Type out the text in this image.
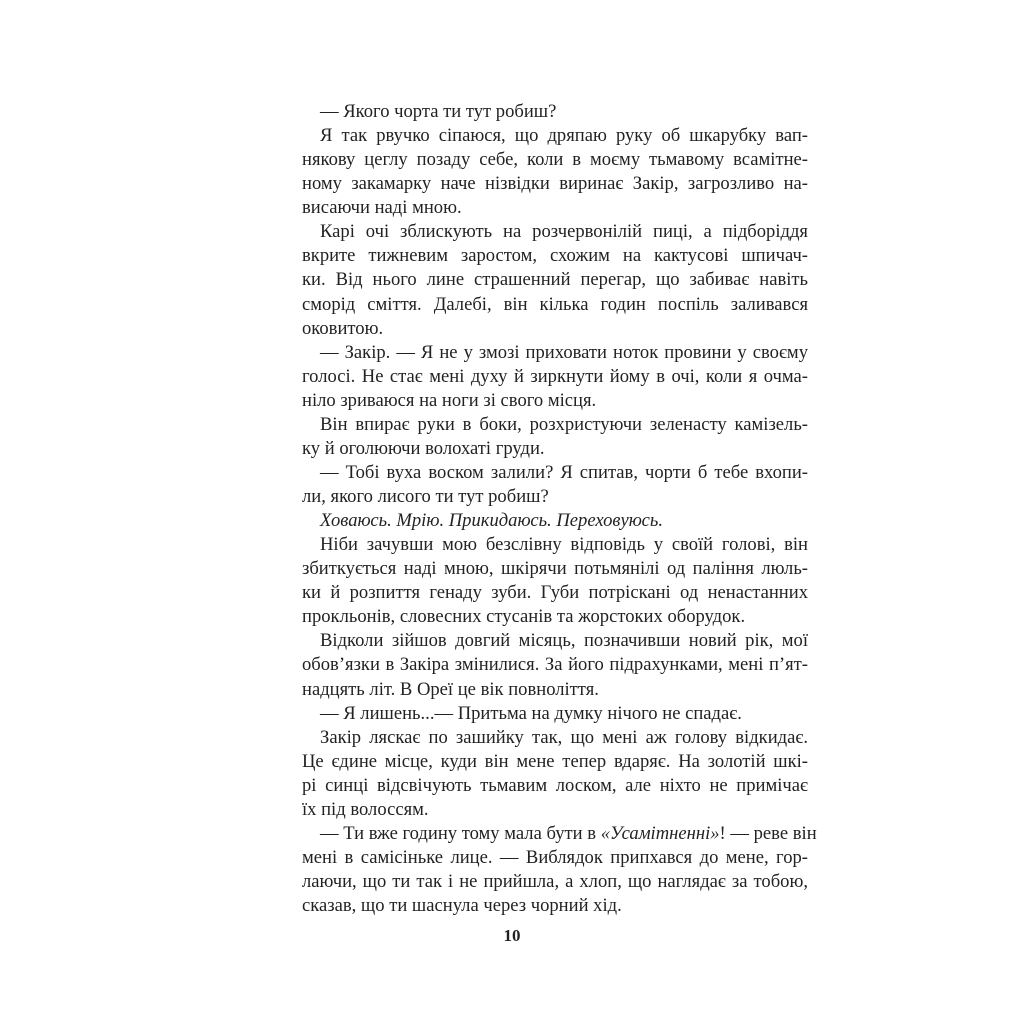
— Якого чорта ти тут робиш?

Я так рвучко сіпаюся, що дряпаю руку об шкарубку вап-
някову цеглу позаду себе, коли в моєму тьмавому всамітне-
ному закамарку наче нізвідки виринає Закір, загрозливо на-
висаючи наді мною.

Карі очі зблискують на розчервонілій пиці, а підборіддя
вкрите тижневим заростом, схожим на кактусові шпичач-
ки. Від нього лине страшенний перегар, що забиває навіть
сморід сміття. Далебі, він кілька годин поспіль заливався
оковитою.

— Закір. — Я не у змозі приховати ноток провини у своєму
голосі. Не стає мені духу й зиркнути йому в очі, коли я очма-
ніло зриваюся на ноги зі свого місця.

Він впирає руки в боки, розхристуючи зеленасту камізель-
ку й оголюючи волохаті груди.

— Тобі вуха воском залили? Я спитав, чорти б тебе вхопи-
ли, якого лисого ти тут робиш?

Ховаюсь. Мрію. Прикидаюсь. Переховуюсь.

Ніби зачувши мою безслівну відповідь у своїй голові, він
збиткується наді мною, шкірячи потьмянілі од паління люль-
ки й розпиття генаду зуби. Губи потріскані од ненастанних
прокльонів, словесних стусанів та жорстоких оборудок.

Відколи зійшов довгий місяць, позначивши новий рік, мої
обов’язки в Закіра змінилися. За його підрахунками, мені п’ят-
надцять літ. В Ореї це вік повноліття.

— Я лишень...— Притьма на думку нічого не спадає.

Закір ляскає по зашийку так, що мені аж голову відкидає.
Це єдине місце, куди він мене тепер вдаряє. На золотій шкі-
рі синці відсвічують тьмавим лоском, але ніхто не примічає
їх під волоссям.

— Ти вже годину тому мала бути в «Усамітненні»! — реве він
мені в самісіньке лице. — Виблядок припхався до мене, гор-
лаючи, що ти так і не прийшла, а хлоп, що наглядає за тобою,
сказав, що ти шаснула через чорний хід.

10
